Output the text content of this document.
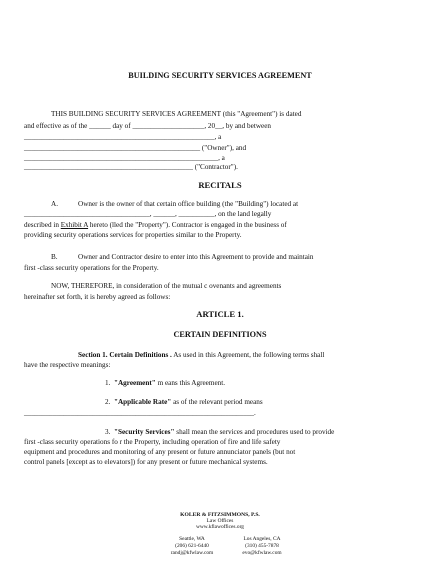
BUILDING SECURITY SERVICES AGREEMENT
THIS BUILDING SECURITY SERVICES AGREEMENT (this "Agreement") is dated
and effective as of the ______ day of ____________________, 20__, by and between
_____________________________________________________, a
_________________________________________________ ("Owner"), and
______________________________________________________, a
_______________________________________________ ("Contractor").
RECITALS
A.	Owner is the owner of that certain office building (the "Building") located at
___________________________________, ______, __________, on the land legally
described in Exhibit A hereto (lled the "Property"). Contractor is engaged in the business of
providing security operations services for properties similar to the Property.
B.	Owner and Contractor desire to enter into this Agreement to provide and maintain
first -class security operations for the Property.
NOW, THEREFORE, in consideration of the mutual c ovenants and agreements
hereinafter set forth, it is hereby agreed as follows:
ARTICLE 1.
CERTAIN DEFINITIONS
Section 1. Certain Definitions . As used in this Agreement, the following terms shall
have the respective meanings:
1. "Agreement" m eans this Agreement.
2. "Applicable Rate" as of the relevant period means
________________________________________________________________.
3. "Security Services" shall mean the services and procedures used to provide
first -class security operations fo r the Property, including operation of fire and life safety
equipment and procedures and monitoring of any present or future annunciator panels (but not
control panels [except as to elevators]) for any present or future mechanical systems.
KOLER & FITZSIMMONS, P.S.
Law Offices
www.kflawoffices.org
Seattle, WA
(206) 621-6440
randj@kfwlaw.com
Los Angeles, CA
(310) 455-7878
evo@kfwlaw.com
